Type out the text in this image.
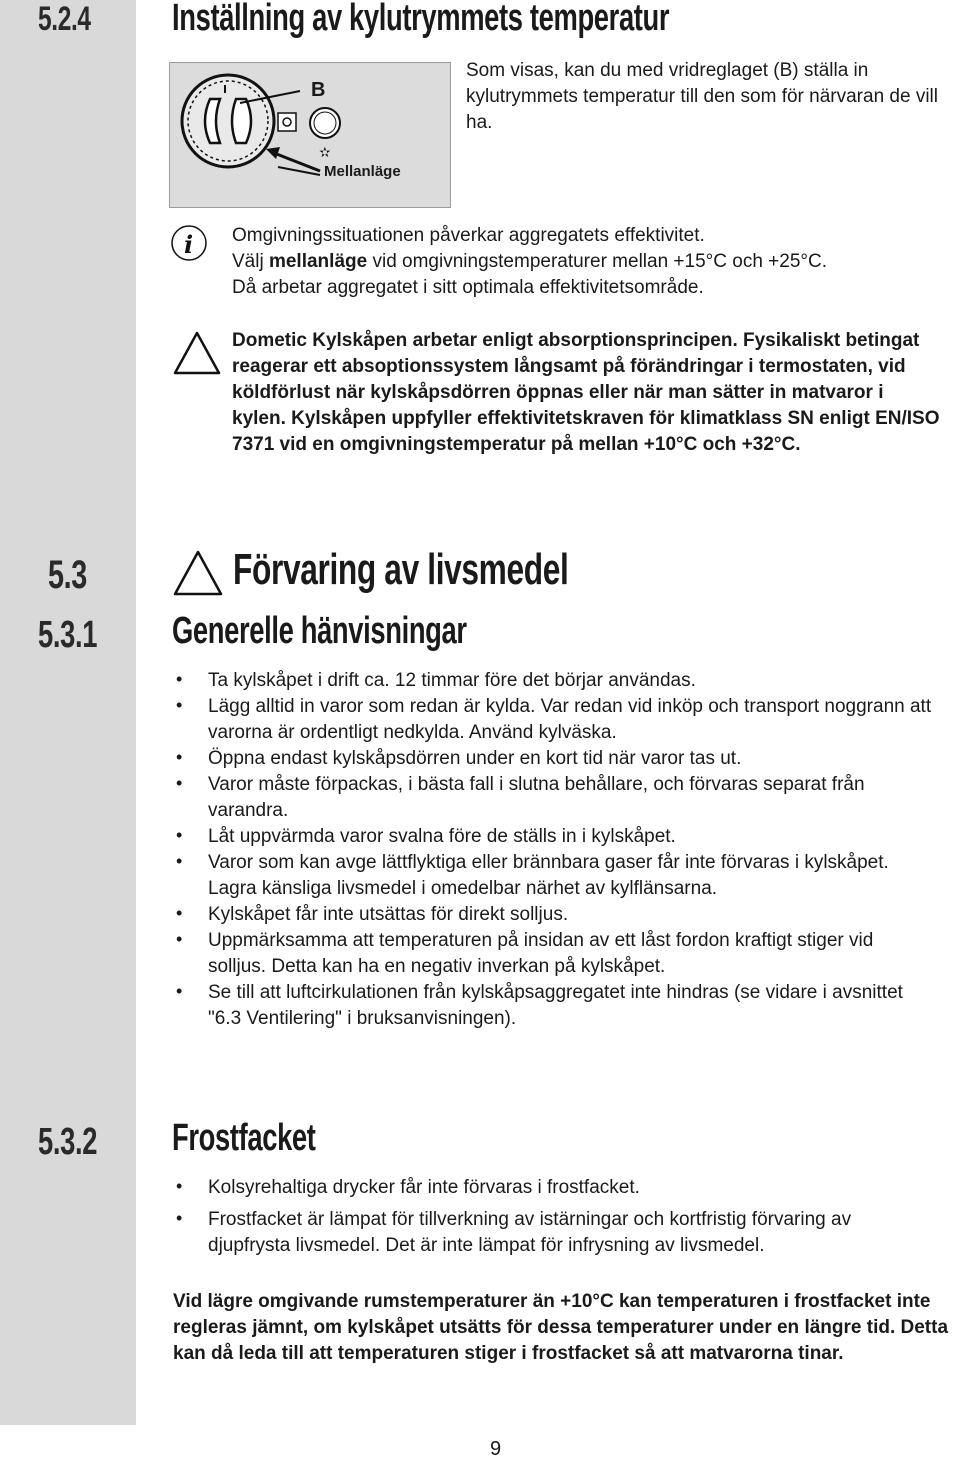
5.2.4 Inställning av kylutrymmets temperatur
✫
B
Mellanläge
Som visas, kan du med vridreglaget (B) ställa in kylutrymmets temperatur till den som för närvaran de vill ha.
i Omgivningssituationen påverkar aggregatets effektivitet.
Välj mellanläge vid omgivningstemperaturer mellan +15°C och +25°C.
Då arbetar aggregatet i sitt optimala effektivitetsområde.
Dometic Kylskåpen arbetar enligt absorptionsprincipen. Fysikaliskt betingat reagerar ett absoptionssystem långsamt på förändringar i termostaten, vid köldförlust när kylskåpsdörren öppnas eller när man sätter in matvaror i kylen. Kylskåpen uppfyller effektivitetskraven för klimatklass SN enligt EN/ISO 7371 vid en omgivningstemperatur på mellan +10°C och +32°C.
5.3	Förvaring av livsmedel
5.3.1 Generelle hänvisningar
• Ta kylskåpet i drift ca. 12 timmar före det börjar användas.
• Lägg alltid in varor som redan är kylda. Var redan vid inköp och transport noggrann att varorna är ordentligt nedkylda. Använd kylväska.
• Öppna endast kylskåpsdörren under en kort tid när varor tas ut.
• Varor måste förpackas, i bästa fall i slutna behållare, och förvaras separat från varandra.
• Låt uppvärmda varor svalna före de ställs in i kylskåpet.
• Varor som kan avge lättflyktiga eller brännbara gaser får inte förvaras i kylskåpet.
Lagra känsliga livsmedel i omedelbar närhet av kylflänsarna.
• Kylskåpet får inte utsättas för direkt solljus.
• Uppmärksamma att temperaturen på insidan av ett låst fordon kraftigt stiger vid solljus. Detta kan ha en negativ inverkan på kylskåpet.
• Se till att luftcirkulationen från kylskåpsaggregatet inte hindras (se vidare i avsnittet "6.3 Ventilering" i bruksanvisningen).
5.3.2 Frostfacket
• Kolsyrehaltiga drycker får inte förvaras i frostfacket.
• Frostfacket är lämpat för tillverkning av istärningar och kortfristig förvaring av djupfrysta livsmedel. Det är inte lämpat för infrysning av livsmedel.
Vid lägre omgivande rumstemperaturer än +10°C kan temperaturen i frostfacket inte regleras jämnt, om kylskåpet utsätts för dessa temperaturer under en längre tid. Detta kan då leda till att temperaturen stiger i frostfacket så att matvarorna tinar.
9
